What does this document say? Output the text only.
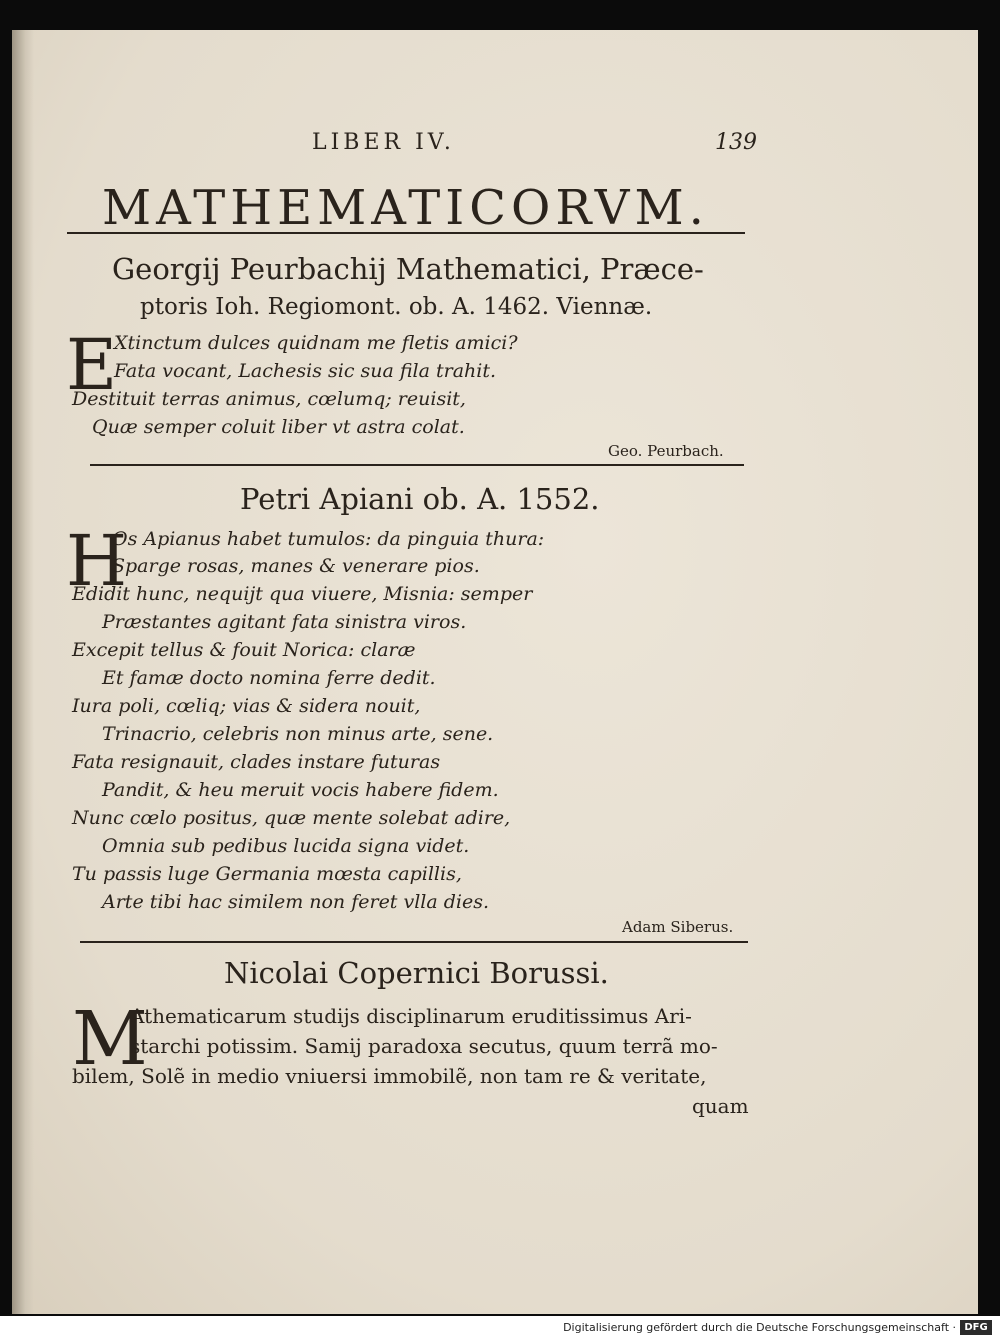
LIBER IV.	139
MATHEMATICORVM.
Georgij Peurbachij Mathematici, Præce-
ptoris Ioh. Regiomont. ob. A. 1462. Viennæ.
E
Xtinctum dulces quidnam me fletis amici?
Fata vocant, Lachesis sic sua fila trahit.
Destituit terras animus, cœlumq; reuisit,
Quæ semper coluit liber vt astra colat.
Geo. Peurbach.
Petri Apiani ob. A. 1552.
H
Os Apianus habet tumulos: da pinguia thura:
Sparge rosas, manes & venerare pios.
Edidit hunc, nequijt qua viuere, Misnia: semper
Præstantes agitant fata sinistra viros.
Excepit tellus & fouit Norica: claræ
Et famæ docto nomina ferre dedit.
Iura poli, cœliq; vias & sidera nouit,
Trinacrio, celebris non minus arte, sene.
Fata resignauit, clades instare futuras
Pandit, & heu meruit vocis habere fidem.
Nunc cœlo positus, quæ mente solebat adire,
Omnia sub pedibus lucida signa videt.
Tu passis luge Germania mœsta capillis,
Arte tibi hac similem non feret vlla dies.
Adam Siberus.
Nicolai Copernici Borussi.
M
Athematicarum studijs disciplinarum eruditissimus Ari-
starchi potissim. Samij paradoxa secutus, quum terrã mo-
bilem, Solẽ in medio vniuersi immobilẽ, non tam re & veritate,
quam
Digitalisierung gefördert durch die Deutsche Forschungsgemeinschaft · DFG
